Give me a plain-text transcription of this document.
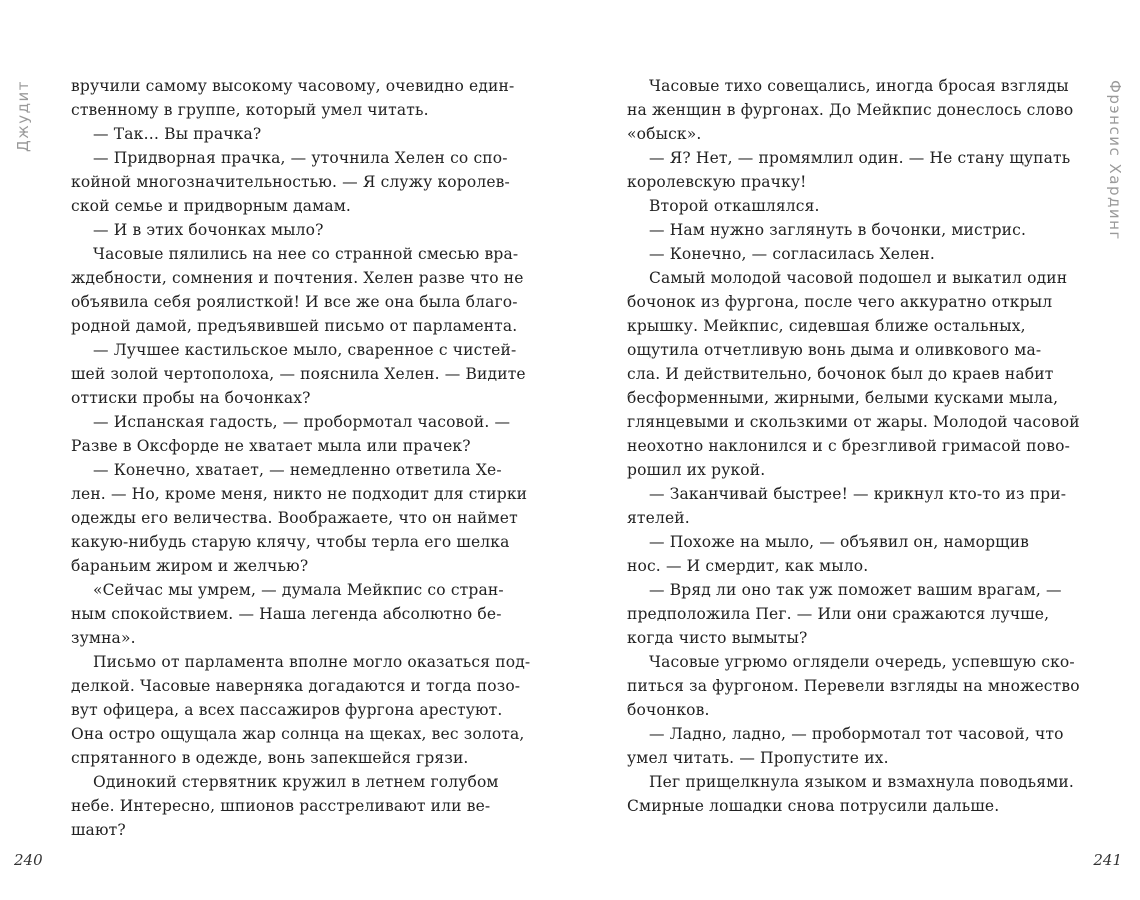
Джудит	вручили самому высокому часовому, очевидно един-
ственному в группе, который умел читать.
— Так… Вы прачка?
— Придворная прачка, — уточнила Хелен со спо-
койной многозначительностью. — Я служу королев-
ской семье и придворным дамам.
— И в этих бочонках мыло?
Часовые пялились на нее со странной смесью вра-
ждебности, сомнения и почтения. Хелен разве что не
объявила себя роялисткой! И все же она была благо-
родной дамой, предъявившей письмо от парламента.
— Лучшее кастильское мыло, сваренное с чистей-
шей золой чертополоха, — пояснила Хелен. — Видите
оттиски пробы на бочонках?
— Испанская гадость, — пробормотал часовой. —
Разве в Оксфорде не хватает мыла или прачек?
— Конечно, хватает, — немедленно ответила Хе-
лен. — Но, кроме меня, никто не подходит для стирки
одежды его величества. Воображаете, что он наймет
какую-нибудь старую клячу, чтобы терла его шелка
бараньим жиром и желчью?
«Сейчас мы умрем, — думала Мейкпис со стран-
ным спокойствием. — Наша легенда абсолютно бе-
зумна».
Письмо от парламента вполне могло оказаться под-
делкой. Часовые наверняка догадаются и тогда позо-
вут офицера, а всех пассажиров фургона арестуют.
Она остро ощущала жар солнца на щеках, вес золота,
спрятанного в одежде, вонь запекшейся грязи.
Одинокий стервятник кружил в летнем голубом
небе. Интересно, шпионов расстреливают или ве-
шают?
240
Фрэнсис Хардинг
Часовые тихо совещались, иногда бросая взгляды
на женщин в фургонах. До Мейкпис донеслось слово
«обыск».
— Я? Нет, — промямлил один. — Не стану щупать
королевскую прачку!
Второй откашлялся.
— Нам нужно заглянуть в бочонки, мистрис.
— Конечно, — согласилась Хелен.
Самый молодой часовой подошел и выкатил один
бочонок из фургона, после чего аккуратно открыл
крышку. Мейкпис, сидевшая ближе остальных,
ощутила отчетливую вонь дыма и оливкового ма-
сла. И действительно, бочонок был до краев набит
бесформенными, жирными, белыми кусками мыла,
глянцевыми и скользкими от жары. Молодой часовой
неохотно наклонился и с брезгливой гримасой пово-
рошил их рукой.
— Заканчивай быстрее! — крикнул кто-то из при-
ятелей.
— Похоже на мыло, — объявил он, наморщив
нос. — И смердит, как мыло.
— Вряд ли оно так уж поможет вашим врагам, —
предположила Пег. — Или они сражаются лучше,
когда чисто вымыты?
Часовые угрюмо оглядели очередь, успевшую ско-
питься за фургоном. Перевели взгляды на множество
бочонков.
— Ладно, ладно, — пробормотал тот часовой, что
умел читать. — Пропустите их.
Пег прищелкнула языком и взмахнула поводьями.
Смирные лошадки снова потрусили дальше.
241
